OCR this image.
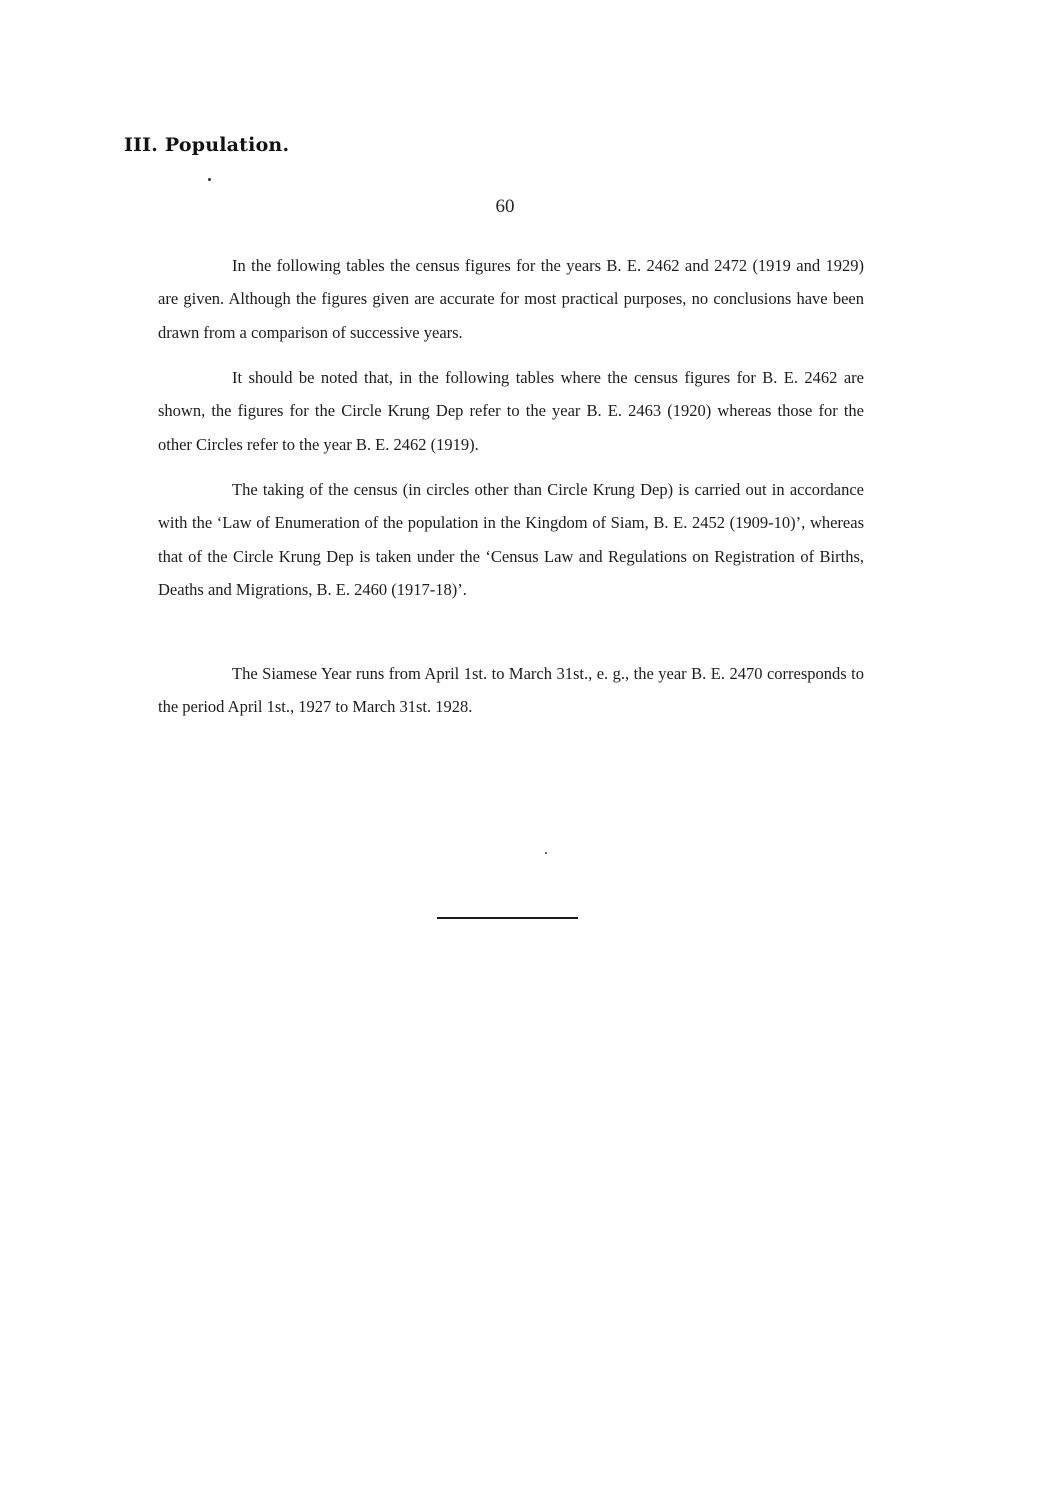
III. Population.
60

In the following tables the census figures for the years B. E. 2462 and 2472 (1919 and 1929) are given. Although the figures given are accurate for most practical purposes, no conclusions have been drawn from a comparison of successive years.

It should be noted that, in the following tables where the census figures for B. E. 2462 are shown, the figures for the Circle Krung Dep refer to the year B. E. 2463 (1920) whereas those for the other Circles refer to the year B. E. 2462 (1919).

The taking of the census (in circles other than Circle Krung Dep) is carried out in accordance with the ‘Law of Enumeration of the population in the Kingdom of Siam, B. E. 2452 (1909-10)’, whereas that of the Circle Krung Dep is taken under the ‘Census Law and Regulations on Registration of Births, Deaths and Migrations, B. E. 2460 (1917-18)’.

The Siamese Year runs from April 1st. to March 31st., e. g., the year B. E. 2470 corresponds to the period April 1st., 1927 to March 31st. 1928.
